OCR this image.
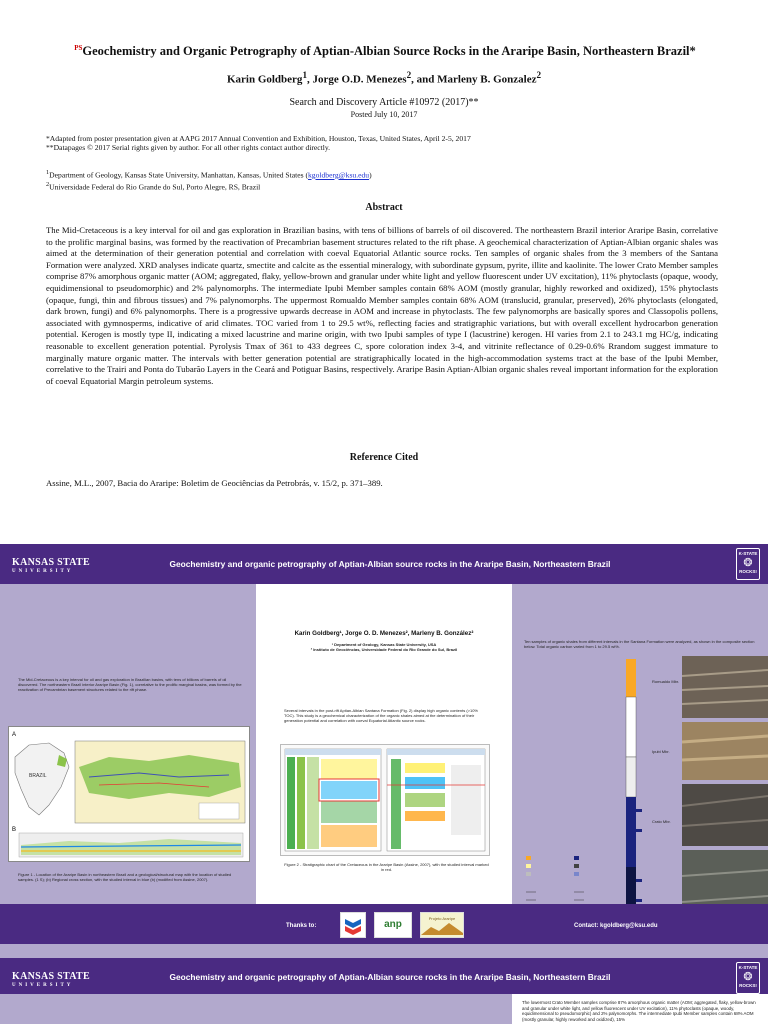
$^{PS}$Geochemistry and Organic Petrography of Aptian-Albian Source Rocks in the Araripe Basin, Northeastern Brazil*
Karin Goldberg$^1$, Jorge O.D. Menezes$^2$, and Marleny B. Gonzalez$^2$
Search and Discovery Article #10972 (2017)**
Posted July 10, 2017
*Adapted from poster presentation given at AAPG 2017 Annual Convention and Exhibition, Houston, Texas, United States, April 2-5, 2017
**Datapages © 2017 Serial rights given by author. For all other rights contact author directly.
$^1$Department of Geology, Kansas State University, Manhattan, Kansas, United States (kgoldberg@ksu.edu)
$^2$Universidade Federal do Rio Grande do Sul, Porto Alegre, RS, Brazil
Abstract
The Mid-Cretaceous is a key interval for oil and gas exploration in Brazilian basins, with tens of billions of barrels of oil discovered. The northeastern Brazil interior Araripe Basin, correlative to the prolific marginal basins, was formed by the reactivation of Precambrian basement structures related to the rift phase. A geochemical characterization of Aptian-Albian organic shales was aimed at the determination of their generation potential and correlation with coeval Equatorial Atlantic source rocks. Ten samples of organic shales from the 3 members of the Santana Formation were analyzed. XRD analyses indicate quartz, smectite and calcite as the essential mineralogy, with subordinate gypsum, pyrite, illite and kaolinite. The lower Crato Member samples comprise 87% amorphous organic matter (AOM; aggregated, flaky, yellow-brown and granular under white light and yellow fluorescent under UV excitation), 11% phytoclasts (opaque, woody, equidimensional to pseudomorphic) and 2% palynomorphs. The intermediate Ipubi Member samples contain 68% AOM (mostly granular, highly reworked and oxidized), 15% phytoclasts (opaque, fungi, thin and fibrous tissues) and 7% palynomorphs. The uppermost Romualdo Member samples contain 68% AOM (translucid, granular, preserved), 26% phytoclasts (elongated, dark brown, fungi) and 6% palynomorphs. There is a progressive upwards decrease in AOM and increase in phytoclasts. The few palynomorphs are basically spores and Classopolis pollens, associated with gymnosperms, indicative of arid climates. TOC varied from 1 to 29.5 wt%, reflecting facies and stratigraphic variations, but with overall excellent hydrocarbon generation potential. Kerogen is mostly type II, indicating a mixed lacustrine and marine origin, with two Ipubi samples of type I (lacustrine) kerogen. HI varies from 2.1 to 243.1 mg HC/g, indicating reasonable to excellent generation potential. Pyrolysis Tmax of 361 to 433 degrees C, spore coloration index 3-4, and vitrinite reflectance of 0.29-0.6% Rrandom suggest immature to marginally mature organic matter. The intervals with better generation potential are stratigraphically located in the high-accommodation systems tract at the base of the Ipubi Member, correlative to the Trairi and Ponta do Tubarão Layers in the Ceará and Potiguar Basins, respectively. Araripe Basin Aptian-Albian organic shales reveal important information for the exploration of coeval Equatorial Margin petroleum systems.
Reference Cited
Assine, M.L., 2007, Bacia do Araripe: Boletim de Geociências da Petrobrás, v. 15/2, p. 371–389.
KANSAS STATE
UNIVERSITY
Geochemistry and organic petrography of Aptian-Albian source rocks in the Araripe Basin, Northeastern Brazil
K-STATE
❂
ROCKS!
The Mid-Cretaceous is a key interval for oil and gas exploration in Brazilian basins, with tens of billions of barrels of oil discovered. The northeastern Brazil interior Araripe Basin (Fig. 1), correlative to the prolific marginal basins, was formed by the reactivation of Precambrian basement structures related to the rift phase.
A
BRAZIL
B
Figure 1 - Location of the Araripe Basin in northeastern Brazil and a geological/structural map with the location of studied samples. (1 S); (b) Regional cross section, with the studied interval in blue (b) (modified from Assine, 2007).
Karin Goldberg¹, Jorge O. D. Menezes², Marleny B. González²
¹ Department of Geology, Kansas State University, USA
² Instituto de Geociências, Universidade Federal do Rio Grande do Sul, Brazil
Several intervals in the post-rift Aptian-Albian Santana Formation (Fig. 2) display high organic contents (>10% TOC). This study is a geochemical characterization of the organic shales aimed at the determination of their generation potential and correlation with coeval Equatorial Atlantic source rocks.
Figure 2 - Stratigraphic chart of the Cretaceous in the Araripe Basin (Assine, 2007), with the studied interval marked in red.
Ten samples of organic shales from different intervals in the Santana Formation were analyzed, as shown in the composite section below. Total organic carbon varied from 1 to 29.5 wt%.
Romualdo Mbr.
Ipubi Mbr.
Crato Mbr.
Thanks to:	anp
Projeto Araripe
Contact: kgoldberg@ksu.edu
KANSAS STATE
UNIVERSITY
Geochemistry and organic petrography of Aptian-Albian source rocks in the Araripe Basin, Northeastern Brazil
K-STATE
❂
ROCKS!
The lowermost Crato Member samples comprise 87% amorphous organic matter (AOM; aggregated, flaky, yellow-brown and granular under white light, and yellow fluorescent under UV excitation), 11% phytoclasts (opaque, woody, equidimensional to pseudomorphic) and 2% palynomorphs. The intermediate Ipubi Member samples contain 68% AOM (mostly granular, highly reworked and oxidized), 15%
